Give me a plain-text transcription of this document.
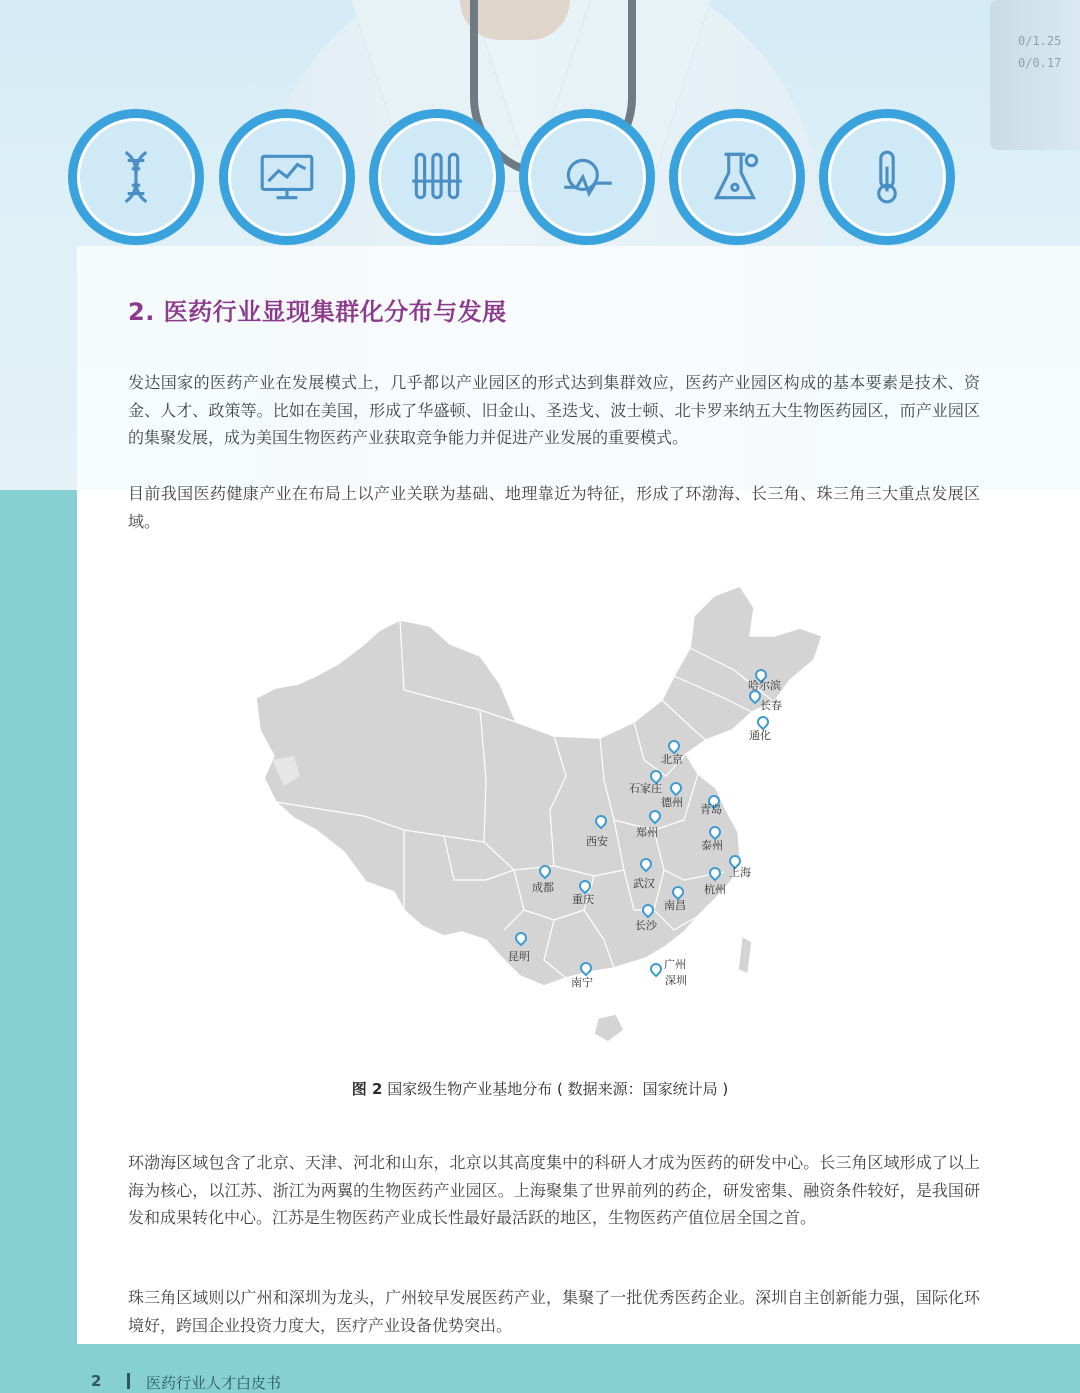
0/1.25
0/0.17
2. 医药行业显现集群化分布与发展

发达国家的医药产业在发展模式上，几乎都以产业园区的形式达到集群效应，医药产业园区构成的基本要素是技术、资金、人才、政策等。比如在美国，形成了华盛顿、旧金山、圣迭戈、波士顿、北卡罗来纳五大生物医药园区，而产业园区的集聚发展，成为美国生物医药产业获取竞争能力并促进产业发展的重要模式。

目前我国医药健康产业在布局上以产业关联为基础、地理靠近为特征，形成了环渤海、长三角、珠三角三大重点发展区域。

哈尔滨
长春
通化
北京
石家庄
德州
青岛
西安
郑州
泰州
上海
成都
重庆
武汉	杭州
南昌
长沙
昆明
广州
深圳
南宁

图 2 国家级生物产业基地分布 ( 数据来源：国家统计局 )

环渤海区域包含了北京、天津、河北和山东，北京以其高度集中的科研人才成为医药的研发中心。长三角区域形成了以上海为核心，以江苏、浙江为两翼的生物医药产业园区。上海聚集了世界前列的药企，研发密集、融资条件较好，是我国研发和成果转化中心。江苏是生物医药产业成长性最好最活跃的地区，生物医药产值位居全国之首。

珠三角区域则以广州和深圳为龙头，广州较早发展医药产业，集聚了一批优秀医药企业。深圳自主创新能力强，国际化环境好，跨国企业投资力度大，医疗产业设备优势突出。

2	医药行业人才白皮书
